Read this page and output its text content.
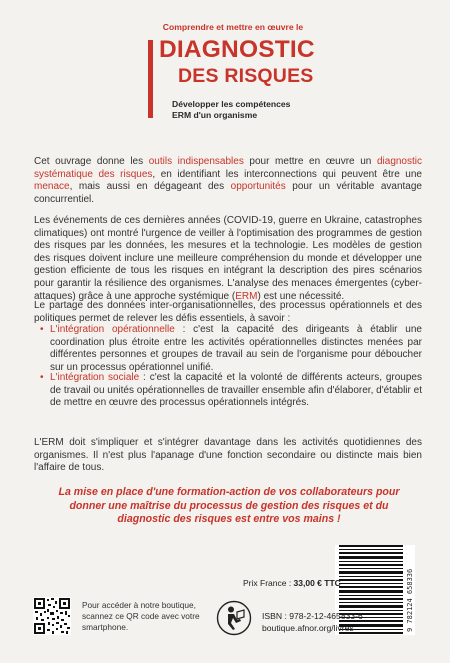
Comprendre et mettre en œuvre le
DIAGNOSTIC
DES RISQUES
Développer les compétences
ERM d'un organisme
Cet ouvrage donne les outils indispensables pour mettre en œuvre un diagnostic systématique des risques, en identifiant les interconnections qui peuvent être une menace, mais aussi en dégageant des opportunités pour un véritable avantage concurrentiel.
Les événements de ces dernières années (COVID-19, guerre en Ukraine, catastrophes climatiques) ont montré l'urgence de veiller à l'optimisation des programmes de gestion des risques par les données, les mesures et la technologie. Les modèles de gestion des risques doivent inclure une meilleure compréhension du monde et développer une gestion efficiente de tous les risques en intégrant la description des pires scénarios pour garantir la résilience des organismes. L'analyse des menaces émergentes (cyber-attaques) grâce à une approche systémique (ERM) est une nécessité.
Le partage des données inter-organisationnelles, des processus opérationnels et des politiques permet de relever les défis essentiels, à savoir :
• L'intégration opérationnelle : c'est la capacité des dirigeants à établir une coordination plus étroite entre les activités opérationnelles distinctes menées par différentes personnes et groupes de travail au sein de l'organisme pour déboucher sur un processus opérationnel unifié.
• L'intégration sociale : c'est la capacité et la volonté de différents acteurs, groupes de travail ou unités opérationnelles de travailler ensemble afin d'élaborer, d'établir et de mettre en œuvre des processus opérationnels intégrés.
L'ERM doit s'impliquer et s'intégrer davantage dans les activités quotidiennes des organismes. Il n'est plus l'apanage d'une fonction secondaire ou distincte mais bien l'affaire de tous.
La mise en place d'une formation-action de vos collaborateurs pour donner une maîtrise du processus de gestion des risques et du diagnostic des risques est entre vos mains !
9 782124 658336
Prix France : 33,00 € TTC
Pour accéder à notre boutique, scannez ce QR code avec votre smartphone.
ISBN : 978-2-12-465833-6
boutique.afnor.org/livres
